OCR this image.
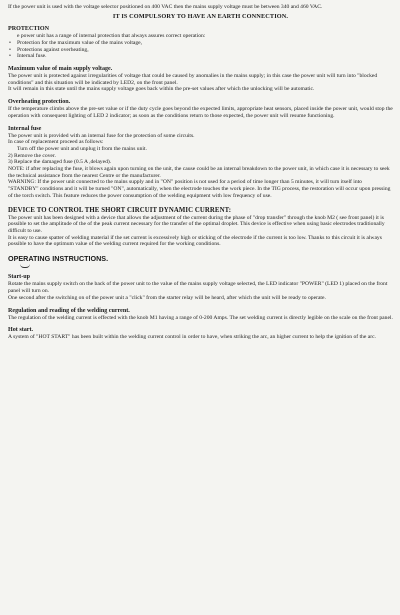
If the power unit is used with the voltage selector positioned on 400 VAC then the mains supply voltage must be between 340 and 460 VAC.

IT IS COMPULSORY TO HAVE AN EARTH CONNECTION.

PROTECTION

e power unit has a range of internal protection that always assures correct operation:

• Protection for the maximum value of the mains voltage,
• Protections against overheating,
• Internal fuse.
Maximum value of main supply voltage.

The power unit is protected against irregularities of voltage that could be caused by anomalies in the mains supply; in this case the power unit will turn into "blocked conditions" and this situation will be indicated by LED2, on the front panel.

It will remain in this state until the mains supply voltage goes back within the pre-set values after which the unlocking will be automatic.

Overheating protection.

If the temperature climbs above the pre-set value or if the duty cycle goes beyond the expected limits, appropriate heat sensors, placed inside the power unit, would stop the operation with consequent lighting of LED 2 indicator; as soon as the conditions return to those expected, the power unit will resume functioning.

Internal fuse

The power unit is provided with an internal fuse for the protection of some circuits.

In case of replacement proceed as follows:

Turn off the power unit and unplug it from the mains unit.

2) Remove the cover.

3) Replace the damaged fuse (0.5 A ,delayed).

NOTE: if after replacing the fuse, it blows again upon turning on the unit, the cause could be an internal breakdown to the power unit, in which case it is necessary to seek the technical assistance from the nearest Centre or the manufacturer.

WARNING: If the power unit connected to the mains supply and in "ON" position is not used for a period of time longer than 5 minutes, it will turn itself into "STANDBY" conditions and it will be turned "ON", automatically, when the electrode touches the work piece. In the TIG process, the restoration will occur upon pressing of the torch switch. This feature reduces the power consumption of the welding equipment with low frequency of use.

DEVICE TO CONTROL THE SHORT CIRCUIT DYNAMIC CURRENT:

The power unit has been designed with a device that allows the adjustment of the current during the phase of "drop transfer" through the knob M2 ( see front panel) it is possible to set the amplitude of the of the peak current necessary for the transfer of the optimal droplet. This device is effective when using basic electrodes traditionally difficult to use.

It is easy to cause spatter of welding material if the set current is excessively high or sticking of the electrode if the current is too low. Thanks to this circuit it is always possible to have the optimum value of the welding current required for the working conditions.

OPERATING INSTRUCTIONS.
Start-up

Rotate the mains supply switch on the back of the power unit to the value of the mains supply voltage selected, the LED indicator "POWER" (LED 1) placed on the front panel will turn on.

One second after the switching on of the power unit a "click" from the starter relay will be heard, after which the unit will be ready to operate.

Regulation and reading of the welding current.

The regulation of the welding current is effected with the knob M1 having a range of 0-200 Amps. The set welding current is directly legible on the scale on the front panel.

Hot start.

A system of "HOT START" has been built within the welding current control in order to have, when striking the arc, an higher current to help the ignition of the arc.
